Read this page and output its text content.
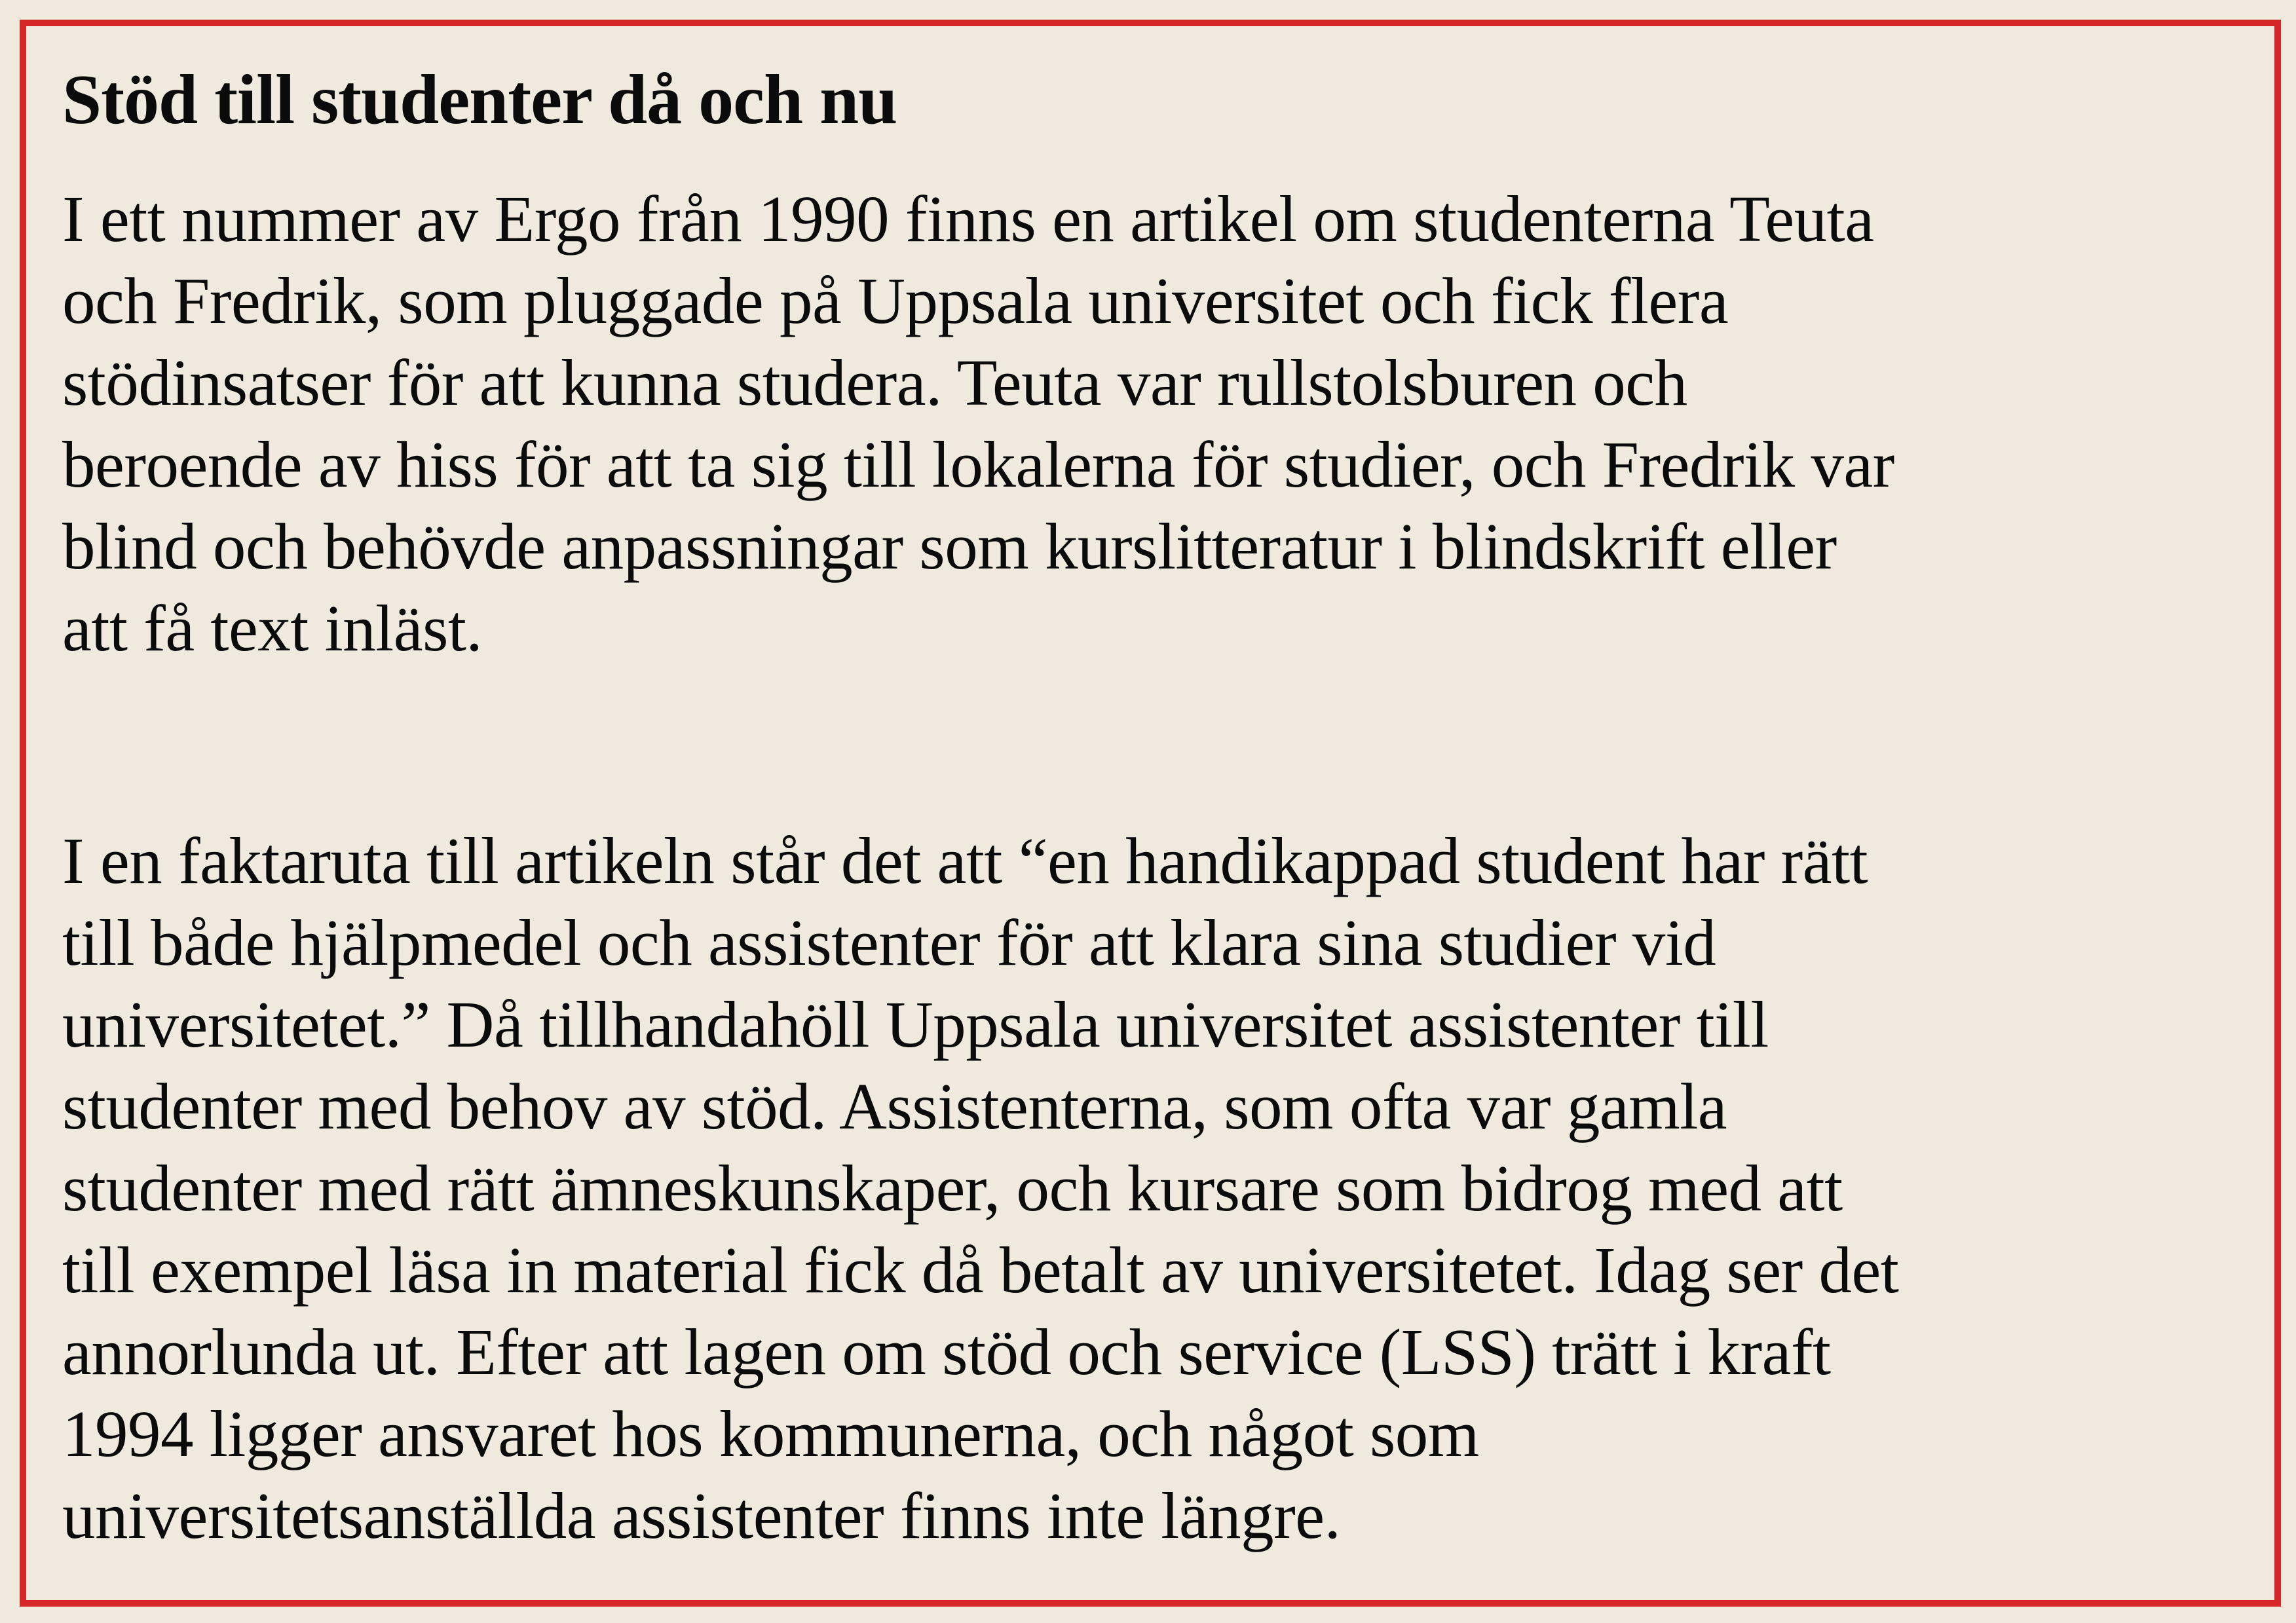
Stöd till studenter då och nu

I ett nummer av Ergo från 1990 finns en artikel om studenterna Teuta
och Fredrik, som pluggade på Uppsala universitet och fick flera
stödinsatser för att kunna studera. Teuta var rullstolsburen och
beroende av hiss för att ta sig till lokalerna för studier, och Fredrik var
blind och behövde anpassningar som kurslitteratur i blindskrift eller
att få text inläst.

I en faktaruta till artikeln står det att “en handikappad student har rätt
till både hjälpmedel och assistenter för att klara sina studier vid
universitetet.” Då tillhandahöll Uppsala universitet assistenter till
studenter med behov av stöd. Assistenterna, som ofta var gamla
studenter med rätt ämneskunskaper, och kursare som bidrog med att
till exempel läsa in material fick då betalt av universitetet. Idag ser det
annorlunda ut. Efter att lagen om stöd och service (LSS) trätt i kraft
1994 ligger ansvaret hos kommunerna, och något som
universitetsanställda assistenter finns inte längre.
